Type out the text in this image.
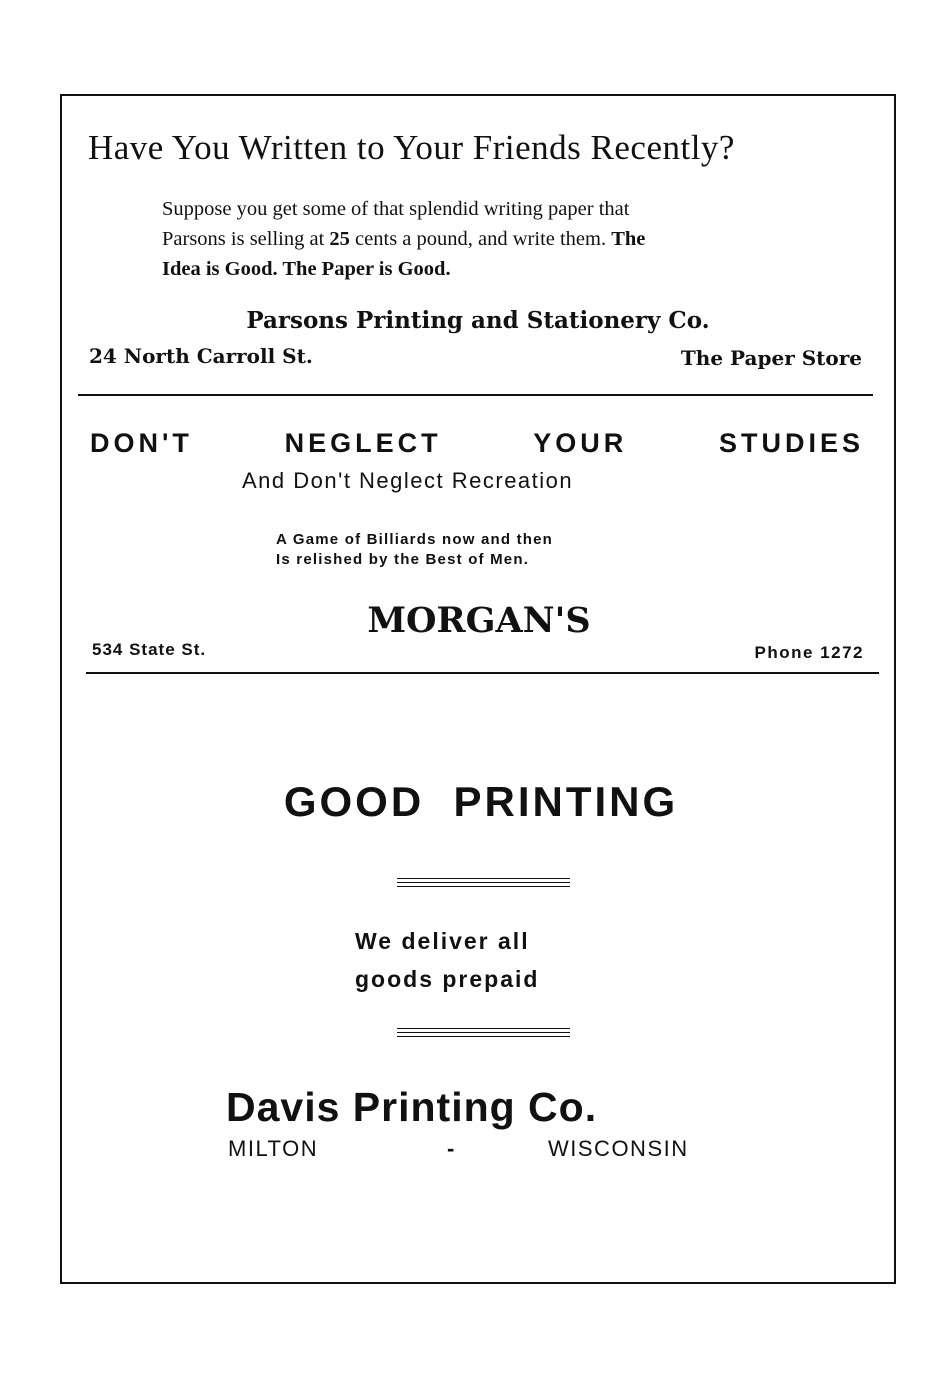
Have You Written to Your Friends Recently?
Suppose you get some of that splendid writing paper that
Parsons is selling at 25 cents a pound, and write them. The
Idea is Good. The Paper is Good.
Parsons Printing and Stationery Co.
24 North Carroll St.	The Paper Store
DON'T	NEGLECT	YOUR	STUDIES
And Don't Neglect Recreation
A Game of Billiards now and then
Is relished by the Best of Men.
MORGAN'S
534 State St.	Phone 1272
GOOD  PRINTING
We deliver all
goods prepaid
Davis Printing Co.
MILTON	-	WISCONSIN
